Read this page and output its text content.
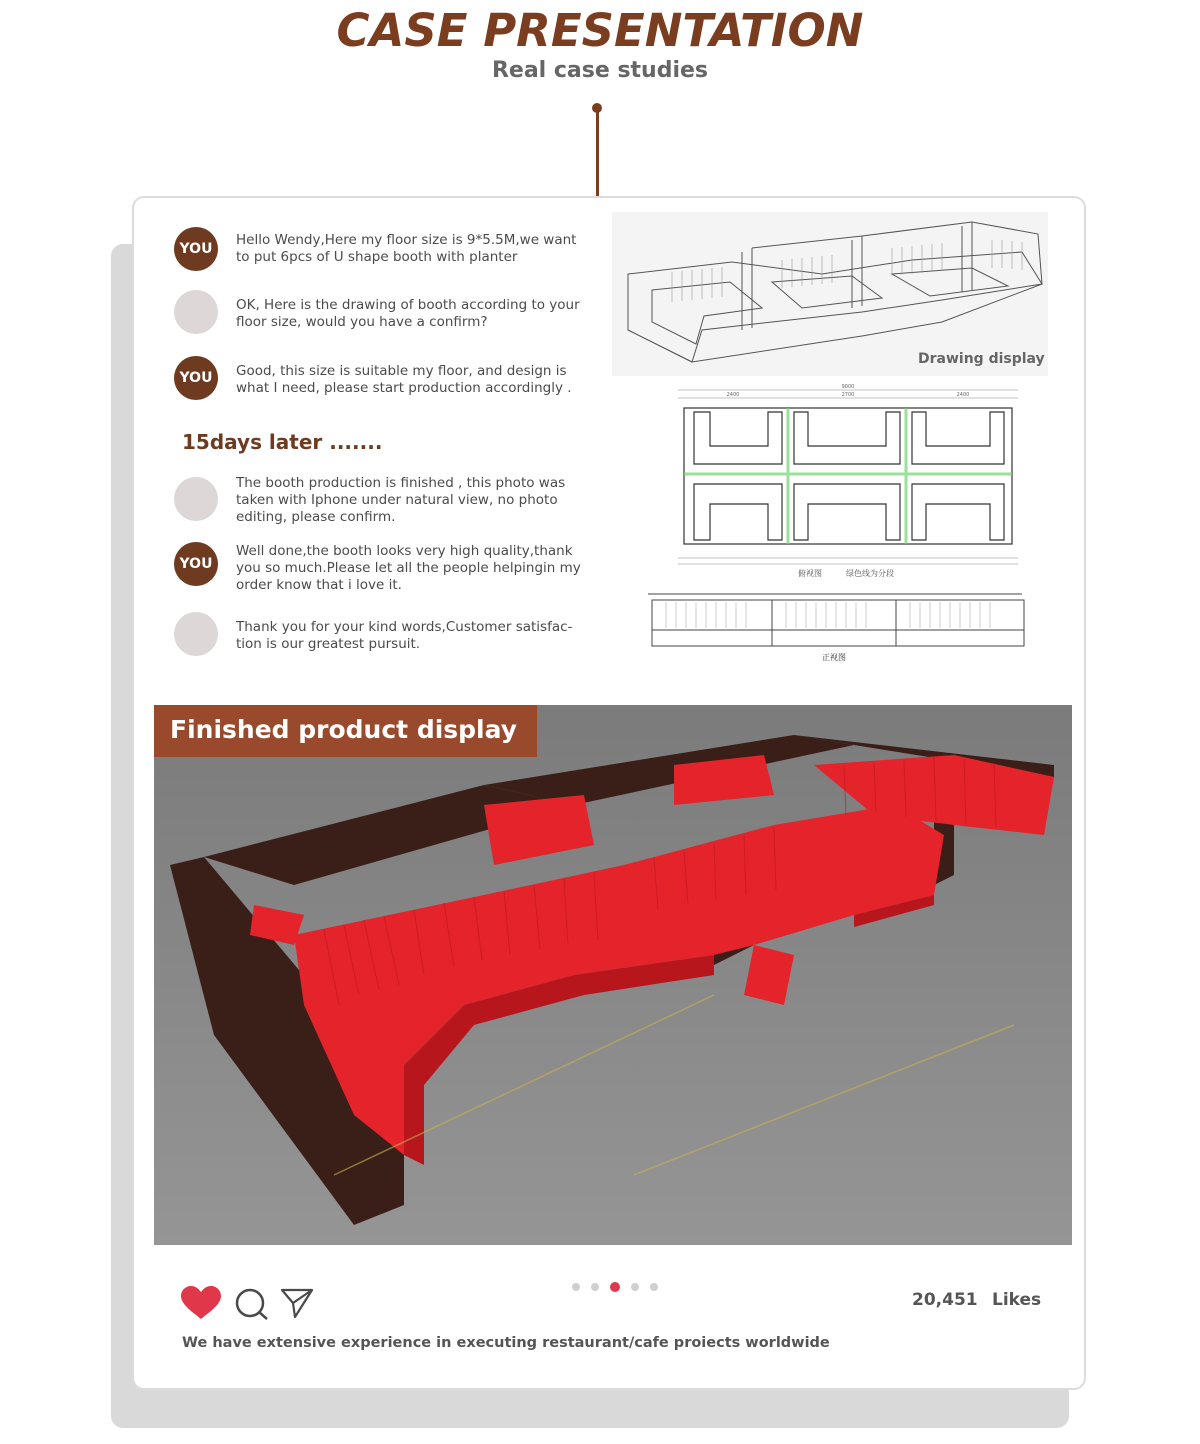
CASE PRESENTATION
Real case studies
YOU
Hello Wendy,Here my floor size is 9*5.5M,we want to put 6pcs of U shape booth with planter
OK, Here is the drawing of booth according to your floor size, would you have a confirm?
YOU	Good, this size is suitable my floor, and design is what I need, please start production accordingly .
15days later .......
The booth production is finished , this photo was taken with Iphone under natural view, no photo editing, please confirm.
YOU
Well done,the booth looks very high quality,thank you so much.Please let all the people helpingin my order know that i love it.
Thank you for your kind words,Customer satisfac-tion is our greatest pursuit.
Drawing display
9000
2400	2700	2400
俯视图	绿色线为分段
正视图
Finished product display
20,451 Likes
We have extensive experience in executing restaurant/cafe proiects worldwide
